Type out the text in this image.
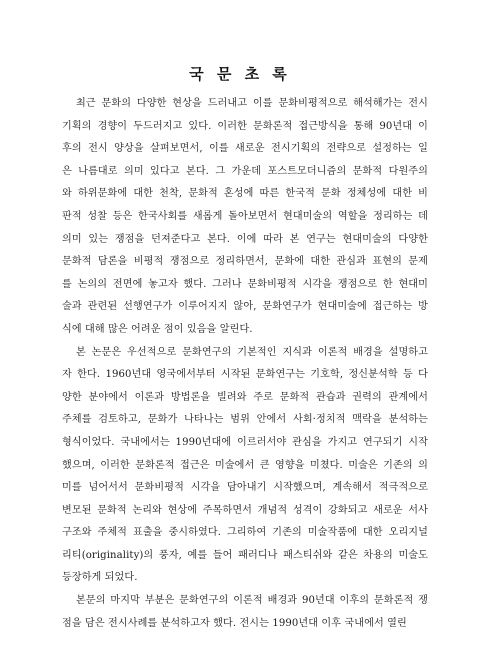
국 문 초 록
최근 문화의 다양한 현상을 드러내고 이를 문화비평적으로 해석해가는 전시
기획의 경향이 두드러지고 있다. 이러한 문화론적 접근방식을 통해 90년대 이
후의 전시 양상을 살펴보면서, 이를 새로운 전시기획의 전략으로 설정하는 일
은 나름대로 의미 있다고 본다. 그 가운데 포스트모더니즘의 문화적 다원주의
와 하위문화에 대한 천착, 문화적 혼성에 따른 한국적 문화 정체성에 대한 비
판적 성찰 등은 한국사회를 새롭게 돌아보면서 현대미술의 역할을 정리하는 데
의미 있는 쟁점을 던져준다고 본다. 이에 따라 본 연구는 현대미술의 다양한
문화적 담론을 비평적 쟁점으로 정리하면서, 문화에 대한 관심과 표현의 문제
를 논의의 전면에 놓고자 했다. 그러나 문화비평적 시각을 쟁점으로 한 현대미
술과 관련된 선행연구가 이루어지지 않아, 문화연구가 현대미술에 접근하는 방
식에 대해 많은 어려운 점이 있음을 알린다.
본 논문은 우선적으로 문화연구의 기본적인 지식과 이론적 배경을 설명하고
자 한다. 1960년대 영국에서부터 시작된 문화연구는 기호학, 정신분석학 등 다
양한 분야에서 이론과 방법론을 빌려와 주로 문화적 관습과 권력의 관계에서
주체를 검토하고, 문화가 나타나는 범위 안에서 사회·정치적 맥락을 분석하는
형식이었다. 국내에서는 1990년대에 이르러서야 관심을 가지고 연구되기 시작
했으며, 이러한 문화론적 접근은 미술에서 큰 영향을 미쳤다. 미술은 기존의 의
미를 넘어서서 문화비평적 시각을 담아내기 시작했으며, 계속해서 적극적으로
변모된 문화적 논리와 현상에 주목하면서 개념적 성격이 강화되고 새로운 서사
구조와 주체적 표출을 중시하였다. 그리하여 기존의 미술작품에 대한 오리지널
리티(originality)의 풍자, 예를 들어 패러디나 패스티쉬와 같은 차용의 미술도
등장하게 되었다.
본문의 마지막 부분은 문화연구의 이론적 배경과 90년대 이후의 문화론적 쟁
점을 담은 전시사례를 분석하고자 했다. 전시는 1990년대 이후 국내에서 열린
